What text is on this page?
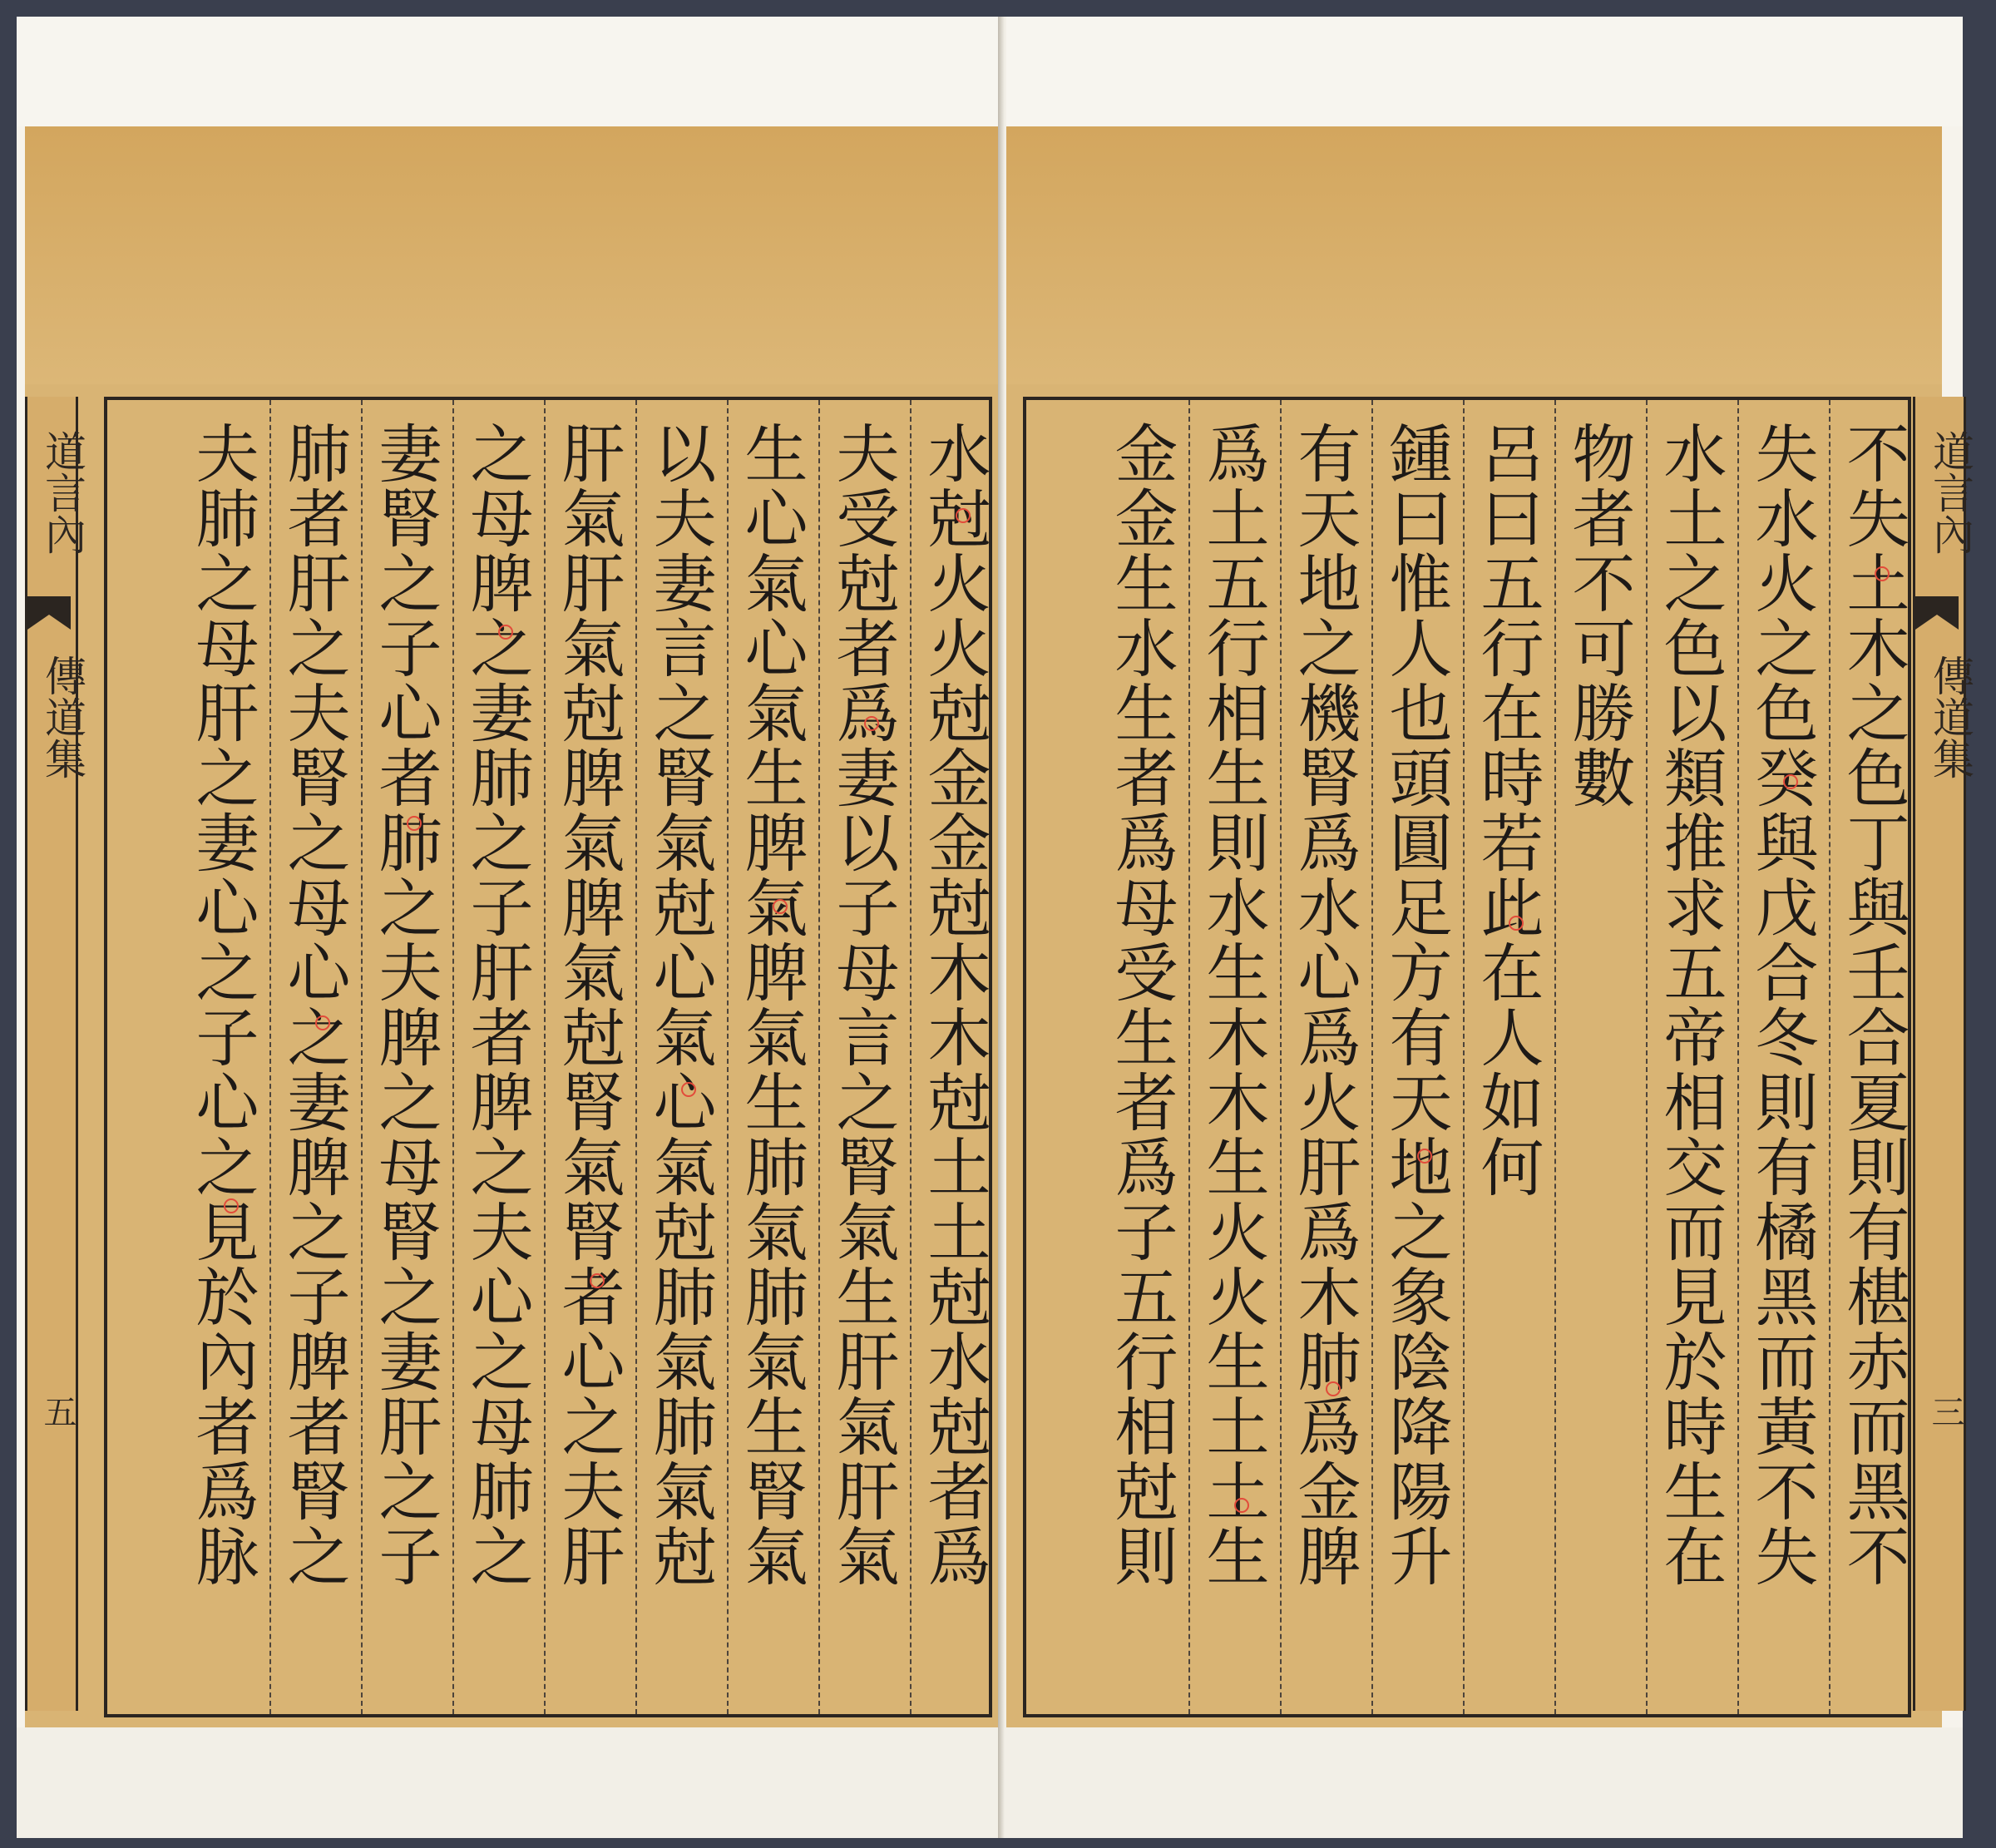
道言內
傳道集
五	水尅火火尅金金尅木木尅土土尅水尅者爲
夫受尅者爲妻以子母言之腎氣生肝氣肝氣
生心氣心氣生脾氣脾氣生肺氣肺氣生腎氣
以夫妻言之腎氣尅心氣心氣尅肺氣肺氣尅
肝氣肝氣尅脾氣脾氣尅腎氣腎者心之夫肝
之母脾之妻肺之子肝者脾之夫心之母肺之
妻腎之子心者肺之夫脾之母腎之妻肝之子
肺者肝之夫腎之母心之妻脾之子脾者腎之
夫肺之母肝之妻心之子心之見於內者爲脉	不失土木之色丁與壬合夏則有椹赤而黑不
失水火之色癸與戊合冬則有橘黑而黃不失
水土之色以類推求五帝相交而見於時生在
物者不可勝數
呂曰五行在時若此在人如何
鍾曰惟人也頭圓足方有天地之象陰降陽升
有天地之機腎爲水心爲火肝爲木肺爲金脾
爲土五行相生則水生木木生火火生土土生
金金生水生者爲母受生者爲子五行相尅則	道言內
傳道集
三
